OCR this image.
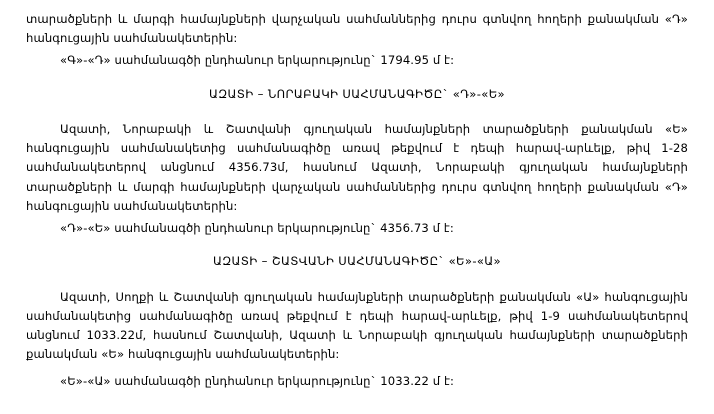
տարածքների և մարգի համայնքների վարչական սահմաններից դուրս գտնվող հողերի քանակման «Դ» հանգուցային սահմանակետերին:

«Գ»-«Դ» սահմանագծի ընդհանուր երկարությունը` 1794.95 մ է:

ԱԶԱՏԻ – ՆՈՐԱԲԱԿԻ ՍԱՀՄԱՆԱԳԻԾԸ` «Դ»-«Ե»

Ազատի, Նորաբակի և Շատվանի գյուղական համայնքների տարածքների քանակման «Ե» հանգուցային սահմանակետից սահմանագիծը առավ թեքվում է դեպի հարավ-արևելք, թիվ 1-28 սահմանակետերով անցնում 4356.73մ, հասնում Ազատի, Նորաբակի գյուղական համայնքների տարածքների և մարգի համայնքների վարչական սահմաններից դուրս գտնվող հողերի քանակման «Դ» հանգուցային սահմանակետերին:

«Դ»-«Ե» սահմանագծի ընդհանուր երկարությունը` 4356.73 մ է:

ԱԶԱՏԻ – ՇԱՏՎԱՆԻ ՍԱՀՄԱՆԱԳԻԾԸ` «Ե»-«Ա»

Ազատի, Սողքի և Շատվանի գյուղական համայնքների տարածքների քանակման «Ա» հանգուցային սահմանակետից սահմանագիծը առավ թեքվում է դեպի հարավ-արևելք, թիվ 1-9 սահմանակետերով անցնում 1033.22մ, հասնում Շատվանի, Ազատի և Նորաբակի գյուղական համայնքների տարածքների քանակման «Ե» հանգուցային սահմանակետերին:

«Ե»-«Ա» սահմանագծի ընդհանուր երկարությունը` 1033.22 մ է:
